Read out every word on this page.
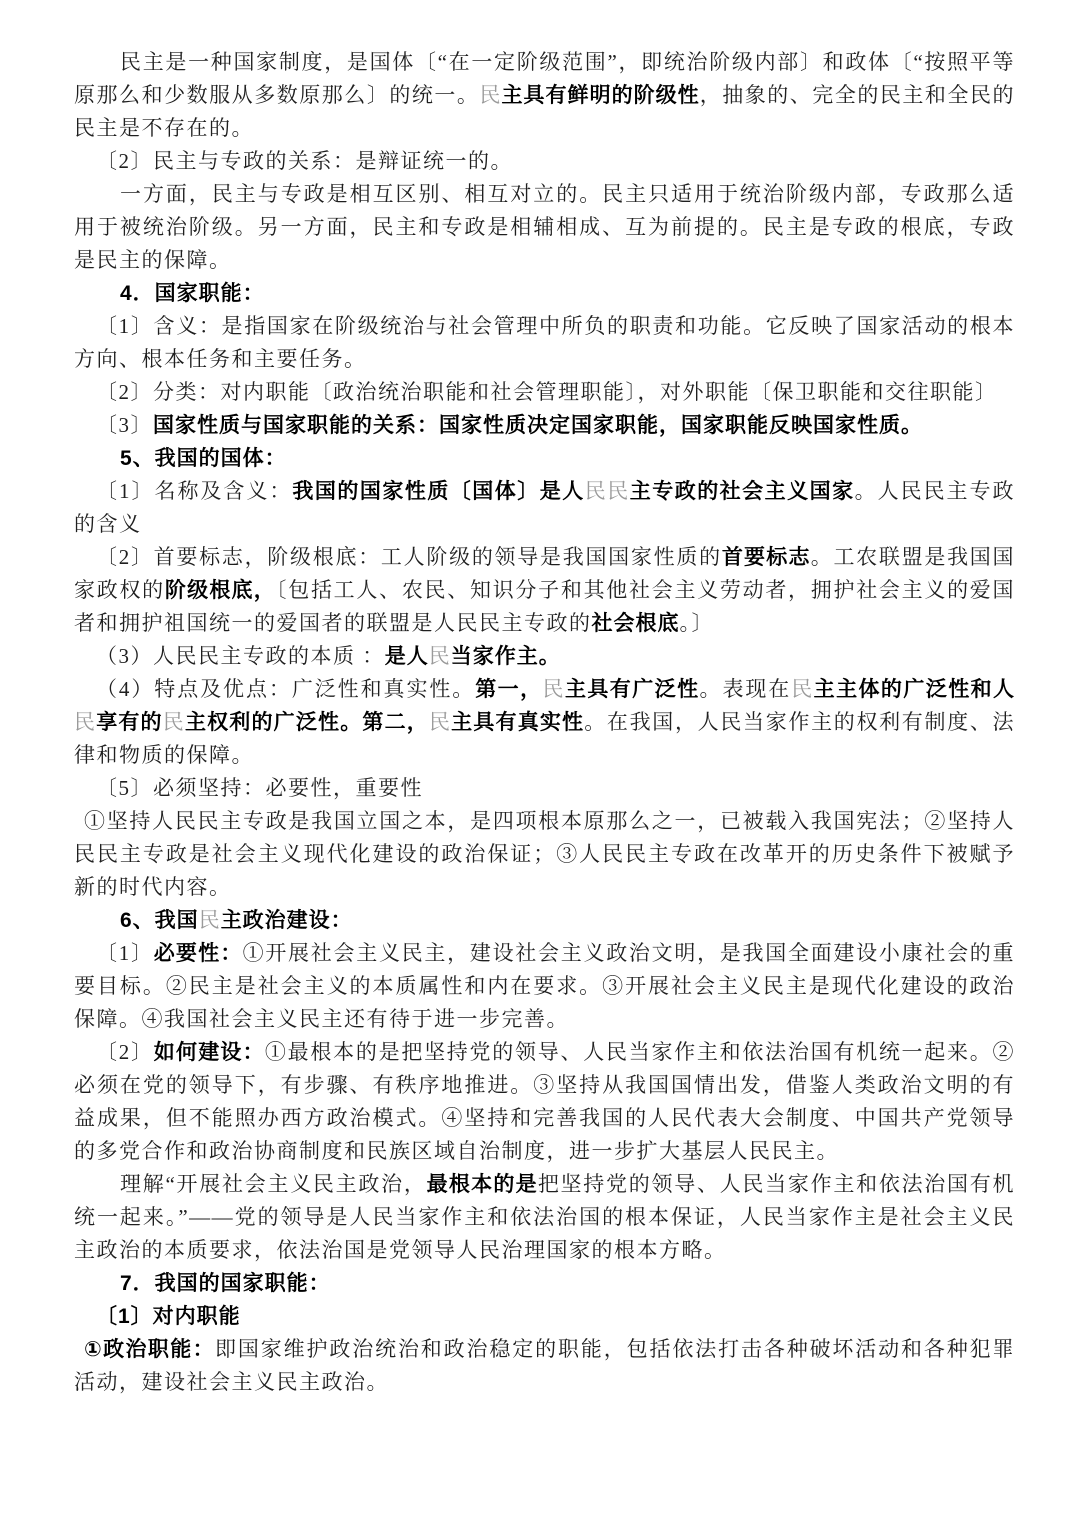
民主是一种国家制度，是国体〔“在一定阶级范围”，即统治阶级内部〕和政体〔“按照平等原那么和少数服从多数原那么〕的统一。民主具有鲜明的阶级性，抽象的、完全的民主和全民的民主是不存在的。

〔2〕民主与专政的关系：是辩证统一的。

一方面，民主与专政是相互区别、相互对立的。民主只适用于统治阶级内部，专政那么适用于被统治阶级。另一方面，民主和专政是相辅相成、互为前提的。民主是专政的根底，专政是民主的保障。

4．国家职能：

〔1〕含义：是指国家在阶级统治与社会管理中所负的职责和功能。它反映了国家活动的根本方向、根本任务和主要任务。

〔2〕分类：对内职能〔政治统治职能和社会管理职能〕，对外职能〔保卫职能和交往职能〕

〔3〕国家性质与国家职能的关系：国家性质决定国家职能，国家职能反映国家性质。

5、我国的国体：

〔1〕名称及含义：我国的国家性质〔国体〕是人民民主专政的社会主义国家。人民民主专政的含义

〔2〕首要标志，阶级根底：工人阶级的领导是我国国家性质的首要标志。工农联盟是我国国家政权的阶级根底，〔包括工人、农民、知识分子和其他社会主义劳动者，拥护社会主义的爱国者和拥护祖国统一的爱国者的联盟是人民民主专政的社会根底。〕

（3）人民民主专政的本质 ：是人民当家作主。

（4）特点及优点：广泛性和真实性。第一，民主具有广泛性。表现在民主主体的广泛性和人民享有的民主权利的广泛性。第二，民主具有真实性。在我国，人民当家作主的权利有制度、法律和物质的保障。

〔5〕必须坚持：必要性，重要性

①坚持人民民主专政是我国立国之本，是四项根本原那么之一，已被载入我国宪法；②坚持人民民主专政是社会主义现代化建设的政治保证；③人民民主专政在改革开的历史条件下被赋予新的时代内容。

6、我国民主政治建设：

〔1〕必要性：①开展社会主义民主，建设社会主义政治文明，是我国全面建设小康社会的重要目标。②民主是社会主义的本质属性和内在要求。③开展社会主义民主是现代化建设的政治保障。④我国社会主义民主还有待于进一步完善。

〔2〕如何建设：①最根本的是把坚持党的领导、人民当家作主和依法治国有机统一起来。②必须在党的领导下，有步骤、有秩序地推进。③坚持从我国国情出发，借鉴人类政治文明的有益成果，但不能照办西方政治模式。④坚持和完善我国的人民代表大会制度、中国共产党领导的多党合作和政治协商制度和民族区域自治制度，进一步扩大基层人民民主。

理解“开展社会主义民主政治，最根本的是把坚持党的领导、人民当家作主和依法治国有机统一起来。”——党的领导是人民当家作主和依法治国的根本保证，人民当家作主是社会主义民主政治的本质要求，依法治国是党领导人民治理国家的根本方略。

7．我国的国家职能：

〔1〕对内职能

①政治职能：即国家维护政治统治和政治稳定的职能，包括依法打击各种破坏活动和各种犯罪活动，建设社会主义民主政治。
